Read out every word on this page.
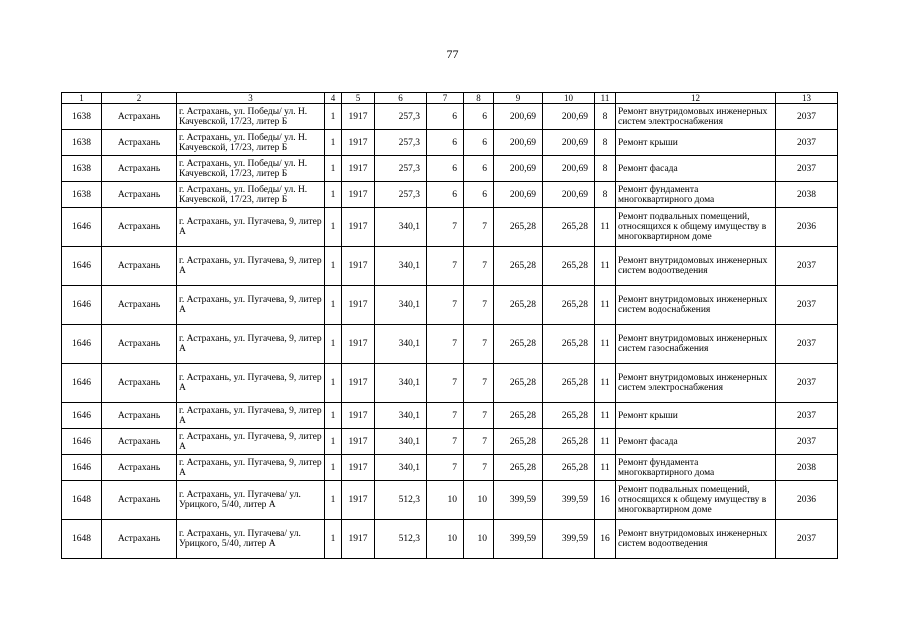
77
1	2	3	4	5	6	7	8	9	10	11	12	13
1638	Астрахань	г. Астрахань, ул. Победы/ ул. Н. Качуевской, 17/23, литер Б	1	1917	257,3	6	6	200,69	200,69	8	Ремонт внутридомовых инженерных систем электроснабжения	2037
1638	Астрахань	г. Астрахань, ул. Победы/ ул. Н. Качуевской, 17/23, литер Б	1	1917	257,3	6	6	200,69	200,69	8	Ремонт крыши	2037
1638	Астрахань	г. Астрахань, ул. Победы/ ул. Н. Качуевской, 17/23, литер Б	1	1917	257,3	6	6	200,69	200,69	8	Ремонт фасада	2037
1638	Астрахань	г. Астрахань, ул. Победы/ ул. Н. Качуевской, 17/23, литер Б	1	1917	257,3	6	6	200,69	200,69	8	Ремонт фундамента многоквартирного дома	2038
1646	Астрахань	г. Астрахань, ул. Пугачева, 9, литер А	1	1917	340,1	7	7	265,28	265,28	11	Ремонт подвальных помещений, относящихся к общему имуществу в многоквартирном доме	2036
1646	Астрахань	г. Астрахань, ул. Пугачева, 9, литер А	1	1917	340,1	7	7	265,28	265,28	11	Ремонт внутридомовых инженерных систем водоотведения	2037
1646	Астрахань	г. Астрахань, ул. Пугачева, 9, литер А	1	1917	340,1	7	7	265,28	265,28	11	Ремонт внутридомовых инженерных систем водоснабжения	2037
1646	Астрахань	г. Астрахань, ул. Пугачева, 9, литер А	1	1917	340,1	7	7	265,28	265,28	11	Ремонт внутридомовых инженерных систем газоснабжения	2037
1646	Астрахань	г. Астрахань, ул. Пугачева, 9, литер А	1	1917	340,1	7	7	265,28	265,28	11	Ремонт внутридомовых инженерных систем электроснабжения	2037
1646	Астрахань	г. Астрахань, ул. Пугачева, 9, литер А	1	1917	340,1	7	7	265,28	265,28	11	Ремонт крыши	2037
1646	Астрахань	г. Астрахань, ул. Пугачева, 9, литер А	1	1917	340,1	7	7	265,28	265,28	11	Ремонт фасада	2037
1646	Астрахань	г. Астрахань, ул. Пугачева, 9, литер А	1	1917	340,1	7	7	265,28	265,28	11	Ремонт фундамента многоквартирного дома	2038
1648	Астрахань	г. Астрахань, ул. Пугачева/ ул. Урицкого, 5/40, литер А	1	1917	512,3	10	10	399,59	399,59	16	Ремонт подвальных помещений, относящихся к общему имуществу в многоквартирном доме	2036
1648	Астрахань	г. Астрахань, ул. Пугачева/ ул. Урицкого, 5/40, литер А	1	1917	512,3	10	10	399,59	399,59	16	Ремонт внутридомовых инженерных систем водоотведения	2037
